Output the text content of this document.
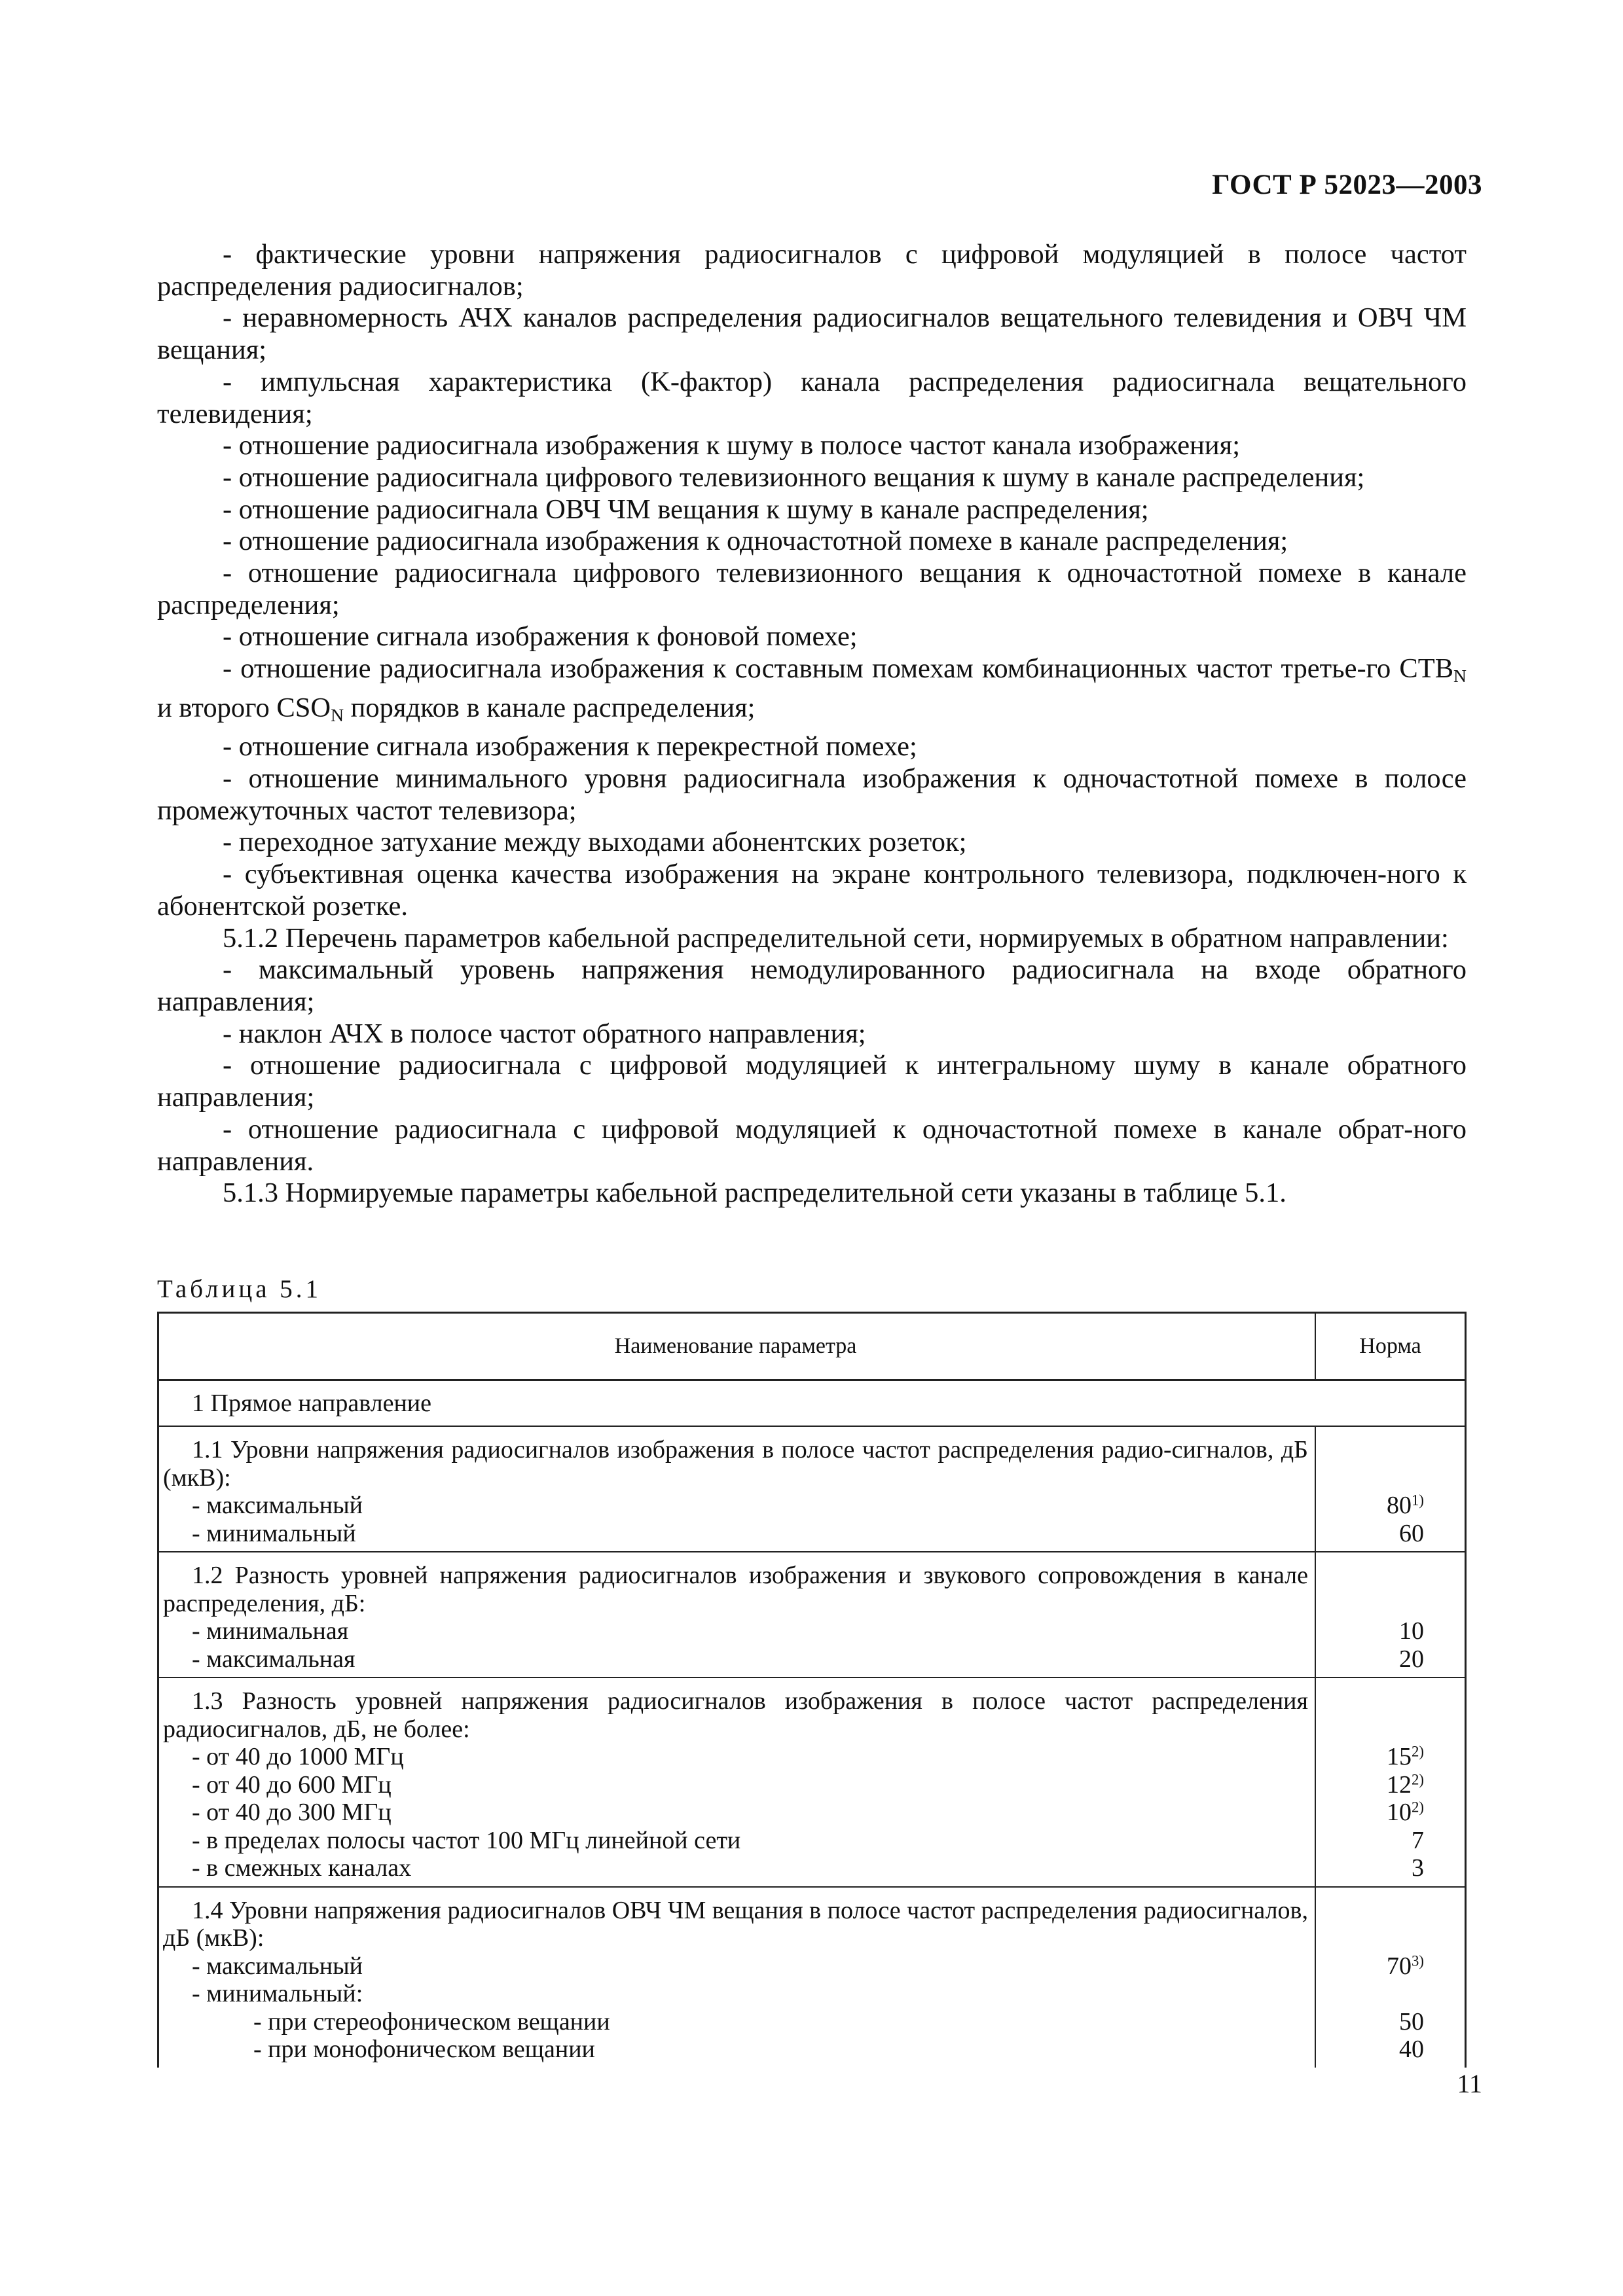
ГОСТ Р 52023—2003

- фактические уровни напряжения радиосигналов с цифровой модуляцией в полосе частот распределения радиосигналов;

- неравномерность АЧХ каналов распределения радиосигналов вещательного телевидения и ОВЧ ЧМ вещания;

- импульсная характеристика (K-фактор) канала распределения радиосигнала вещательного телевидения;

- отношение радиосигнала изображения к шуму в полосе частот канала изображения;

- отношение радиосигнала цифрового телевизионного вещания к шуму в канале распределения;

- отношение радиосигнала ОВЧ ЧМ вещания к шуму в канале распределения;

- отношение радиосигнала изображения к одночастотной помехе в канале распределения;

- отношение радиосигнала цифрового телевизионного вещания к одночастотной помехе в канале распределения;

- отношение сигнала изображения к фоновой помехе;

- отношение радиосигнала изображения к составным помехам комбинационных частот третье-го $CTB_N$ и второго $CSO_N$ порядков в канале распределения;

- отношение сигнала изображения к перекрестной помехе;

- отношение минимального уровня радиосигнала изображения к одночастотной помехе в полосе промежуточных частот телевизора;

- переходное затухание между выходами абонентских розеток;

- субъективная оценка качества изображения на экране контрольного телевизора, подключен-ного к абонентской розетке.

5.1.2 Перечень параметров кабельной распределительной сети, нормируемых в обратном направлении:

- максимальный уровень напряжения немодулированного радиосигнала на входе обратного направления;

- наклон АЧХ в полосе частот обратного направления;

- отношение радиосигнала с цифровой модуляцией к интегральному шуму в канале обратного направления;

- отношение радиосигнала с цифровой модуляцией к одночастотной помехе в канале обрат-ного направления.

5.1.3 Нормируемые параметры кабельной распределительной сети указаны в таблице 5.1.

Таблица 5.1
Наименование параметра	Норма
1 Прямое направление
1.1 Уровни напряжения радиосигналов изображения в полосе частот распределения радио-сигналов, дБ (мкВ):
- максимальный
- минимальный
80$^{1)}$
60
1.2 Разность уровней напряжения радиосигналов изображения и звукового сопровождения в канале распределения, дБ:
- минимальная
- максимальная
10
20
1.3 Разность уровней напряжения радиосигналов изображения в полосе частот распределения радиосигналов, дБ, не более:
- от 40 до 1000 МГц
- от 40 до 600 МГц
- от 40 до 300 МГц
- в пределах полосы частот 100 МГц линейной сети
- в смежных каналах
15$^{2)}$
12$^{2)}$
10$^{2)}$
7
3
1.4 Уровни напряжения радиосигналов ОВЧ ЧМ вещания в полосе частот распределения радиосигналов, дБ (мкВ):
- максимальный
- минимальный:
- при стереофоническом вещании
- при монофоническом вещании
70$^{3)}$

50
40
11
